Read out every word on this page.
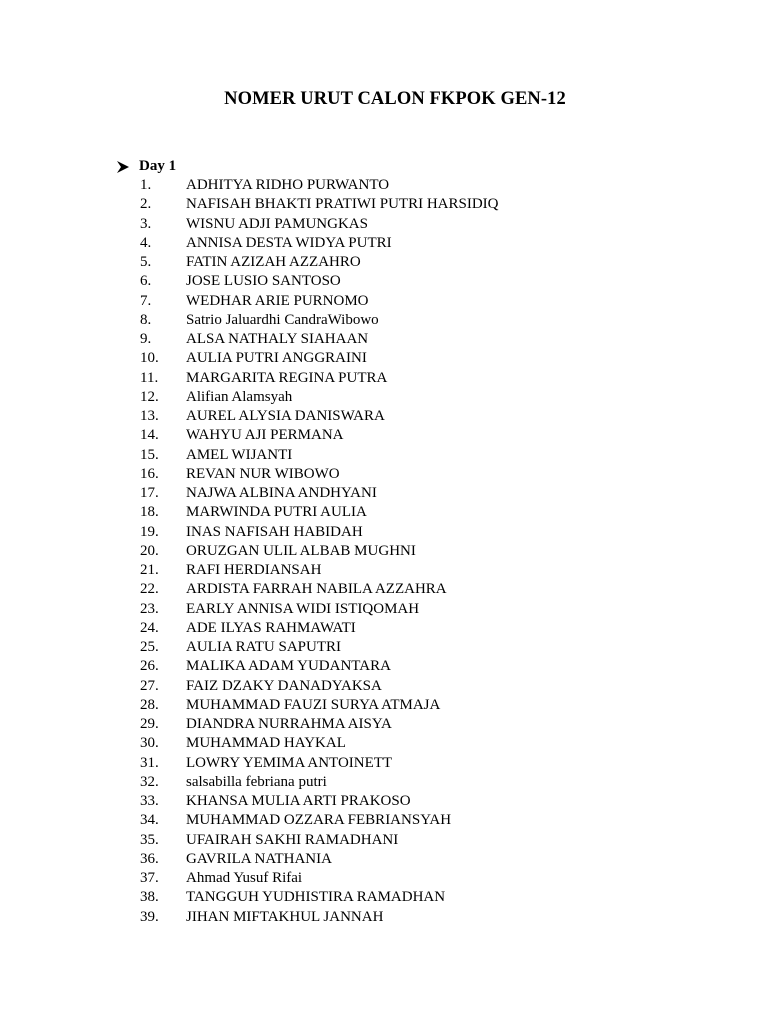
NOMER URUT CALON FKPOK GEN-12
Day 1
1.	ADHITYA RIDHO PURWANTO
2.	NAFISAH BHAKTI PRATIWI PUTRI HARSIDIQ
3.	WISNU ADJI PAMUNGKAS
4.	ANNISA DESTA WIDYA PUTRI
5.	FATIN AZIZAH AZZAHRO
6.	JOSE LUSIO SANTOSO
7.	WEDHAR ARIE PURNOMO
8.	Satrio Jaluardhi CandraWibowo
9.	ALSA NATHALY SIAHAAN
10.	AULIA PUTRI ANGGRAINI
11.	MARGARITA REGINA PUTRA
12.	Alifian Alamsyah
13.	AUREL ALYSIA DANISWARA
14.	WAHYU AJI PERMANA
15.	AMEL WIJANTI
16.	REVAN NUR WIBOWO
17.	NAJWA ALBINA ANDHYANI
18.	MARWINDA PUTRI AULIA
19.	INAS NAFISAH HABIDAH
20.	ORUZGAN ULIL ALBAB MUGHNI
21.	RAFI HERDIANSAH
22.	ARDISTA FARRAH NABILA AZZAHRA
23.	EARLY ANNISA WIDI ISTIQOMAH
24.	ADE ILYAS RAHMAWATI
25.	AULIA RATU SAPUTRI
26.	MALIKA ADAM YUDANTARA
27.	FAIZ DZAKY DANADYAKSA
28.	MUHAMMAD FAUZI SURYA ATMAJA
29.	DIANDRA NURRAHMA AISYA
30.	MUHAMMAD HAYKAL
31.	LOWRY YEMIMA ANTOINETT
32.	salsabilla febriana putri
33.	KHANSA MULIA ARTI PRAKOSO
34.	MUHAMMAD OZZARA FEBRIANSYAH
35.	UFAIRAH SAKHI RAMADHANI
36.	GAVRILA NATHANIA
37.	Ahmad Yusuf Rifai
38.	TANGGUH YUDHISTIRA RAMADHAN
39.	JIHAN MIFTAKHUL JANNAH
